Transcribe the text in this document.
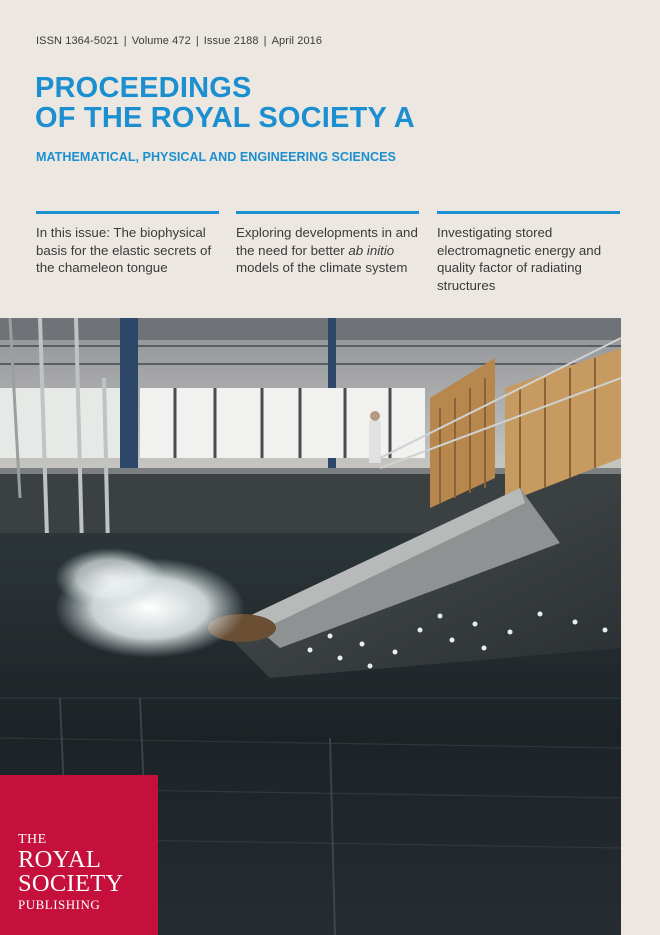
ISSN 1364-5021 | Volume 472 | Issue 2188 | April 2016
PROCEEDINGS
OF THE ROYAL SOCIETY A
MATHEMATICAL, PHYSICAL AND ENGINEERING SCIENCES
In this issue: The biophysical basis for the elastic secrets of the chameleon tongue
Exploring developments in and the need for better ab initio models of the climate system
Investigating stored electromagnetic energy and quality factor of radiating structures
THE
ROYAL
SOCIETY
PUBLISHING
